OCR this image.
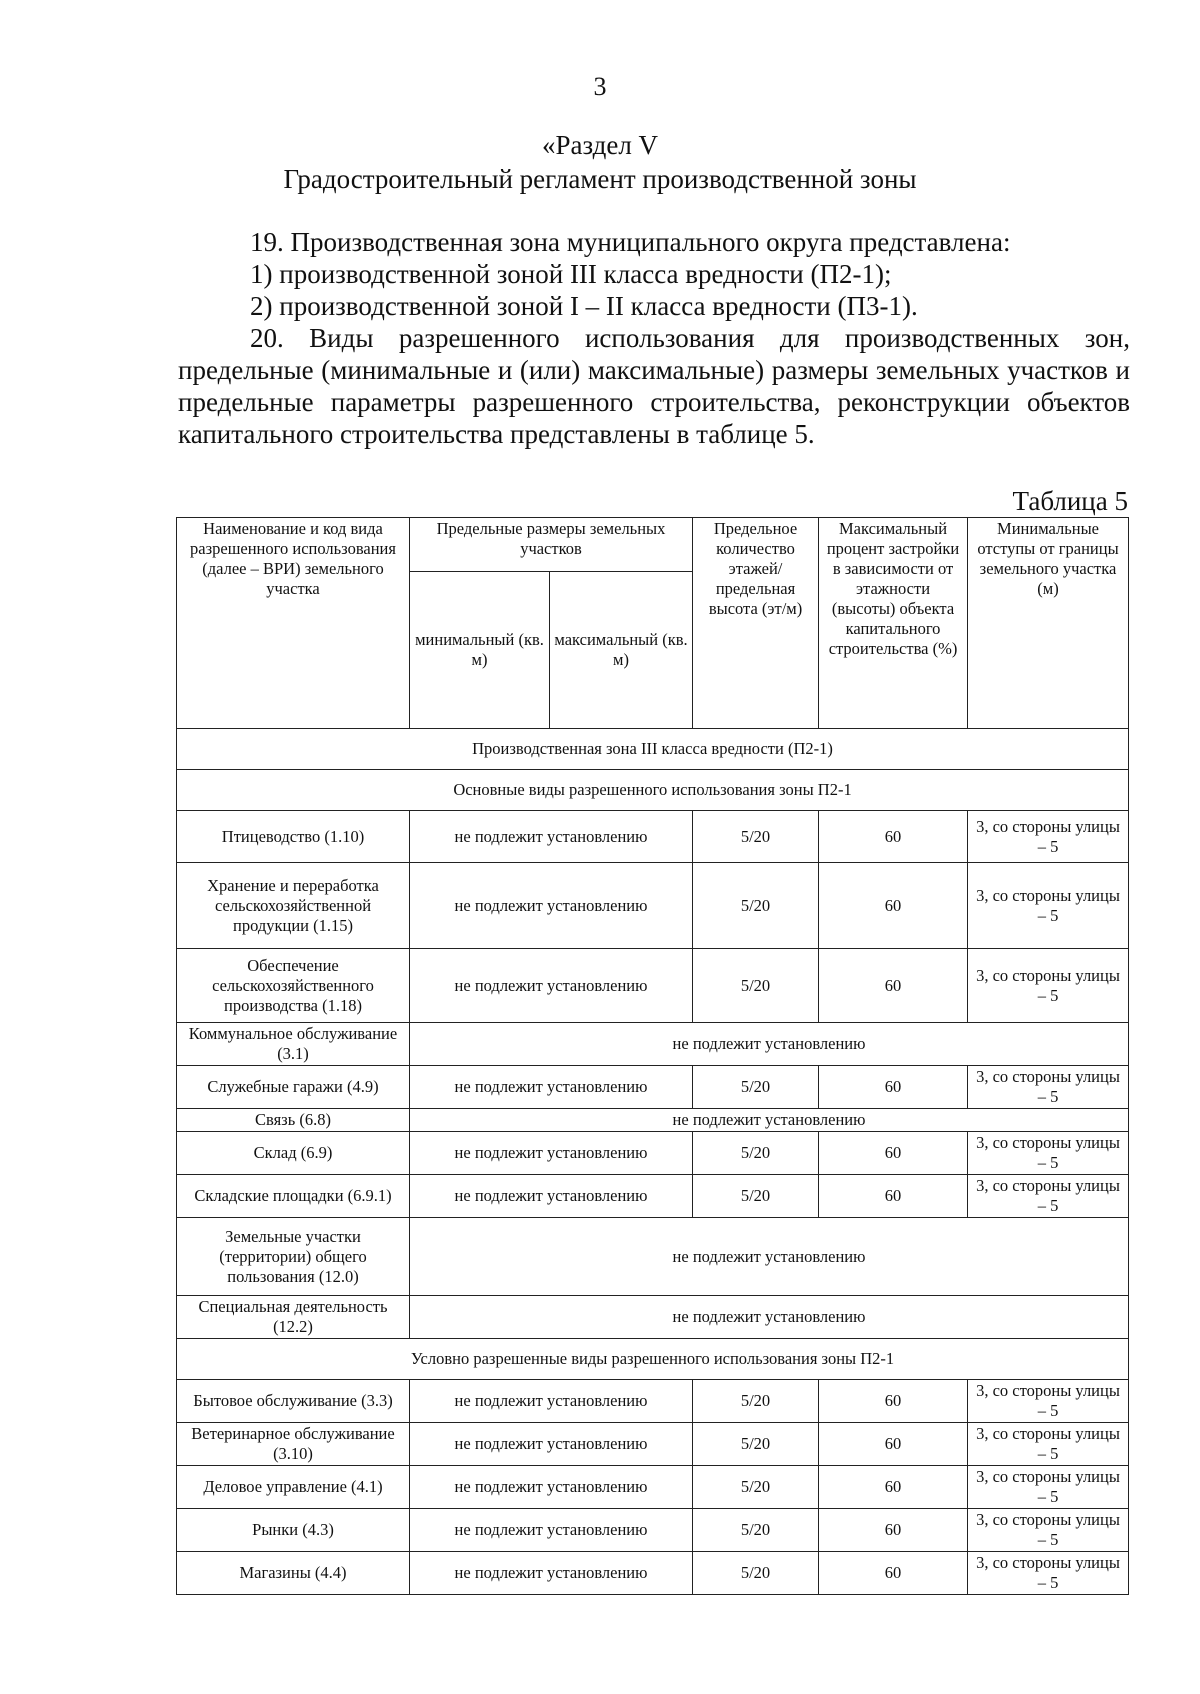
3
«Раздел V
Градостроительный регламент производственной зоны

19. Производственная зона муниципального округа представлена:

1) производственной зоной III класса вредности (П2-1);

2) производственной зоной I – II класса вредности (П3-1).

20. Виды разрешенного использования для производственных зон, предельные (минимальные и (или) максимальные) размеры земельных участков и предельные параметры разрешенного строительства, реконструкции объектов капитального строительства представлены в таблице 5.

Таблица 5
Наименование и код вида разрешенного использования (далее – ВРИ) земельного участка	Предельные размеры земельных участков		Предельное количество этажей/ предельная высота (эт/м)	Максимальный процент застройки в зависимости от этажности (высоты) объекта капитального строительства (%)	Минимальные отступы от границы земельного участка (м)
	минимальный (кв. м)	максимальный (кв. м)			
Производственная зона III класса вредности (П2-1)					
Основные виды разрешенного использования зоны П2-1					
Птицеводство (1.10)	не подлежит установлению		5/20	60	3, со стороны улицы – 5
Хранение и переработка сельскохозяйственной продукции (1.15)	не подлежит установлению		5/20	60	3, со стороны улицы – 5
Обеспечение сельскохозяйственного производства (1.18)	не подлежит установлению		5/20	60	3, со стороны улицы – 5
Коммунальное обслуживание (3.1)	не подлежит установлению				
Служебные гаражи (4.9)	не подлежит установлению		5/20	60	3, со стороны улицы – 5
Связь (6.8)	не подлежит установлению				
Склад (6.9)	не подлежит установлению		5/20	60	3, со стороны улицы – 5
Складские площадки (6.9.1)	не подлежит установлению		5/20	60	3, со стороны улицы – 5
Земельные участки (территории) общего пользования (12.0)	не подлежит установлению				
Специальная деятельность (12.2)	не подлежит установлению				
Условно разрешенные виды разрешенного использования зоны П2-1					
Бытовое обслуживание (3.3)	не подлежит установлению		5/20	60	3, со стороны улицы – 5
Ветеринарное обслуживание (3.10)	не подлежит установлению		5/20	60	3, со стороны улицы – 5
Деловое управление (4.1)	не подлежит установлению		5/20	60	3, со стороны улицы – 5
Рынки (4.3)	не подлежит установлению		5/20	60	3, со стороны улицы – 5
Магазины (4.4)	не подлежит установлению		5/20	60	3, со стороны улицы – 5
